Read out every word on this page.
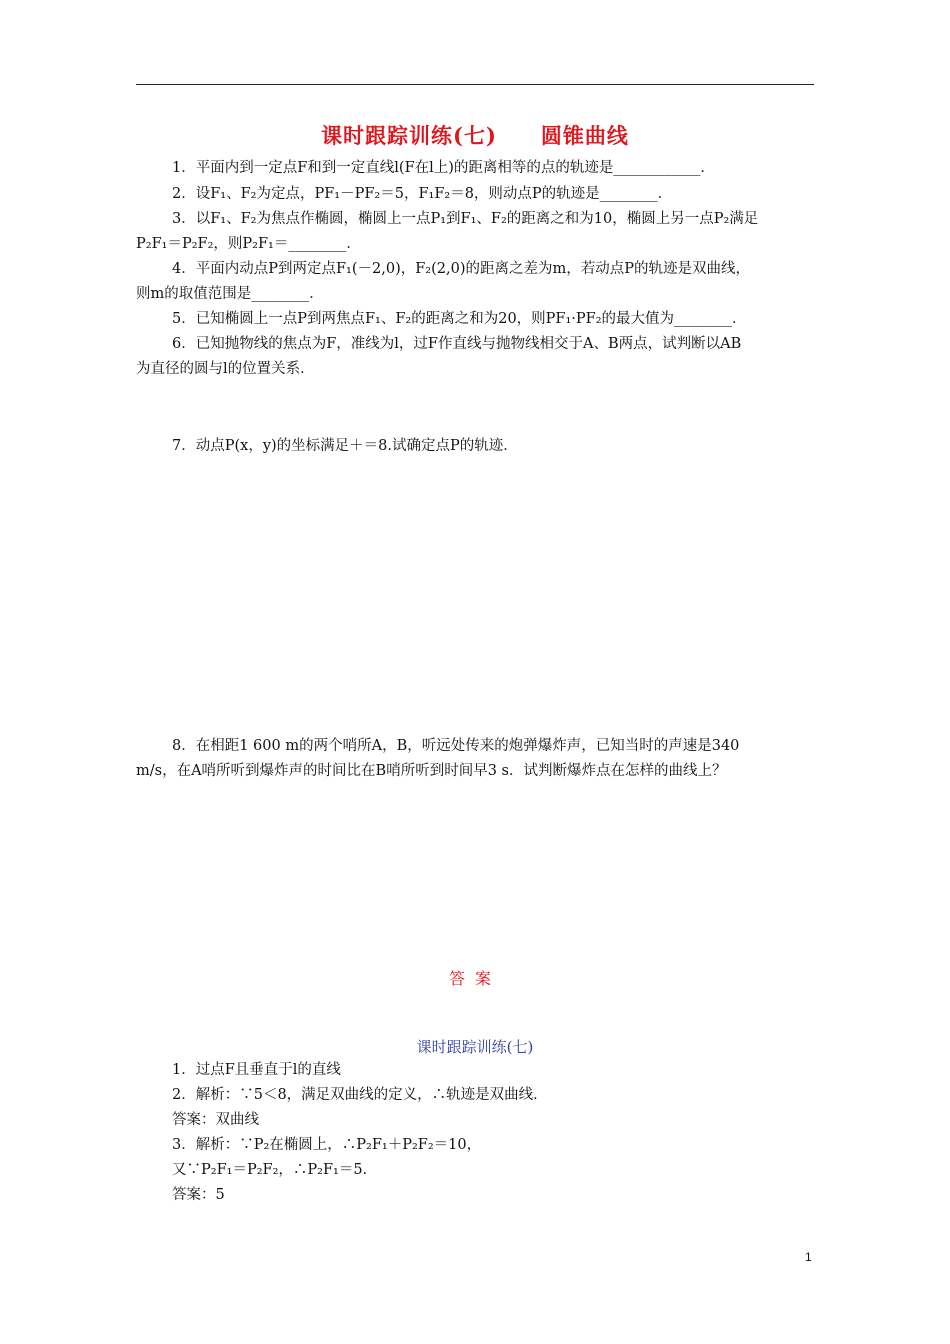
课时跟踪训练(七)　　圆锥曲线
1．平面内到一定点F和到一定直线l(F在l上)的距离相等的点的轨迹是____________．
2．设F₁、F₂为定点，PF₁－PF₂＝5，F₁F₂＝8，则动点P的轨迹是________．
3．以F₁、F₂为焦点作椭圆，椭圆上一点P₁到F₁、F₂的距离之和为10，椭圆上另一点P₂满足
P₂F₁＝P₂F₂，则P₂F₁＝________．
4．平面内动点P到两定点F₁(－2,0)，F₂(2,0)的距离之差为m，若动点P的轨迹是双曲线，
则m的取值范围是________．
5．已知椭圆上一点P到两焦点F₁、F₂的距离之和为20，则PF₁·PF₂的最大值为________．
6．已知抛物线的焦点为F，准线为l，过F作直线与抛物线相交于A、B两点，试判断以AB
为直径的圆与l的位置关系．
7．动点P(x，y)的坐标满足＋＝8.试确定点P的轨迹．
8．在相距1 600 m的两个哨所A，B，听远处传来的炮弹爆炸声，已知当时的声速是340
m/s，在A哨所听到爆炸声的时间比在B哨所听到时间早3 s．试判断爆炸点在怎样的曲线上？
答案
课时跟踪训练(七)
1．过点F且垂直于l的直线
2．解析：∵5＜8，满足双曲线的定义，∴轨迹是双曲线．
答案：双曲线
3．解析：∵P₂在椭圆上，∴P₂F₁＋P₂F₂＝10，
又∵P₂F₁＝P₂F₂，∴P₂F₁＝5.
答案：5
1
